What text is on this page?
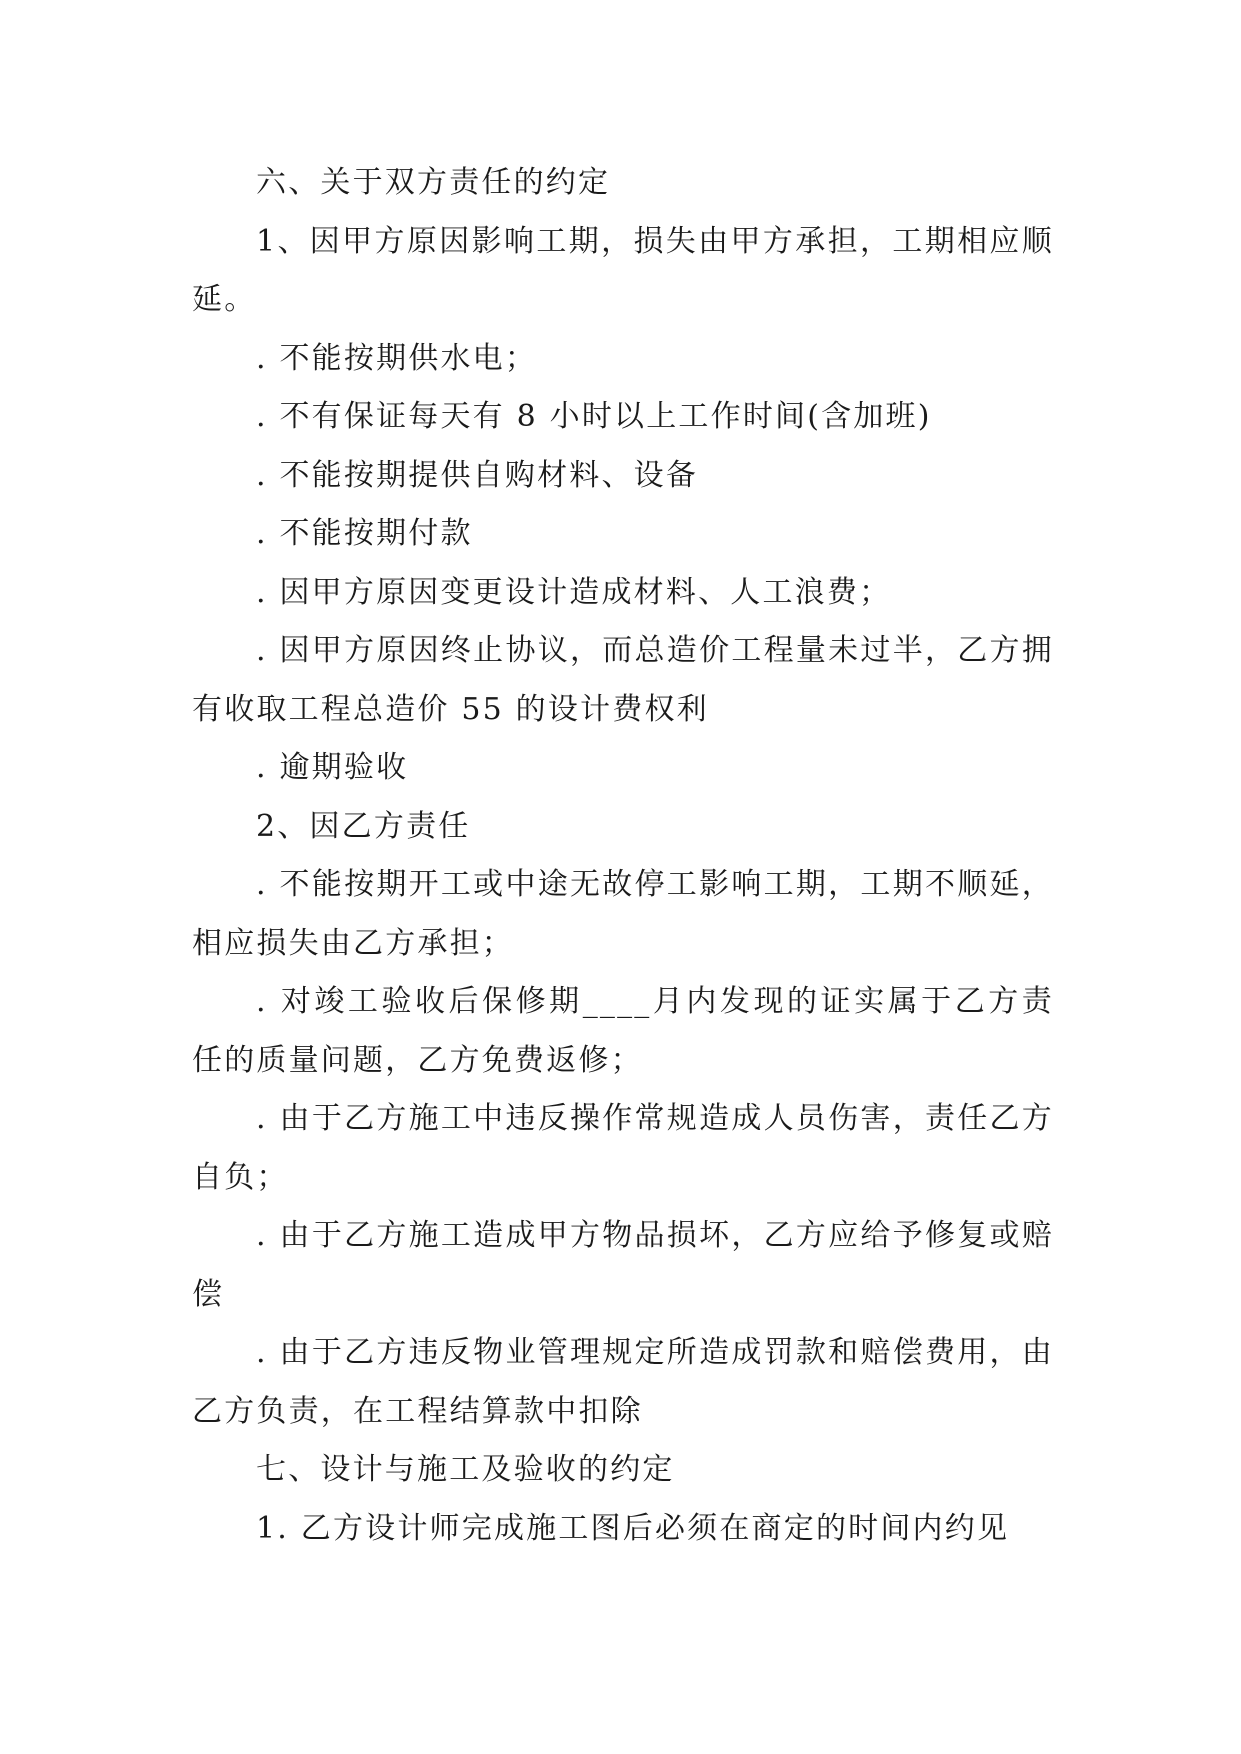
六、关于双方责任的约定

1、因甲方原因影响工期，损失由甲方承担，工期相应顺延。

. 不能按期供水电；

. 不有保证每天有 8 小时以上工作时间(含加班)

. 不能按期提供自购材料、设备

. 不能按期付款

. 因甲方原因变更设计造成材料、人工浪费；

. 因甲方原因终止协议，而总造价工程量未过半，乙方拥有收取工程总造价 55 的设计费权利

. 逾期验收

2、因乙方责任

. 不能按期开工或中途无故停工影响工期，工期不顺延，相应损失由乙方承担；

. 对竣工验收后保修期____月内发现的证实属于乙方责任的质量问题，乙方免费返修；

. 由于乙方施工中违反操作常规造成人员伤害，责任乙方自负；

. 由于乙方施工造成甲方物品损坏，乙方应给予修复或赔偿

. 由于乙方违反物业管理规定所造成罚款和赔偿费用，由乙方负责，在工程结算款中扣除

七、设计与施工及验收的约定

1. 乙方设计师完成施工图后必须在商定的时间内约见
